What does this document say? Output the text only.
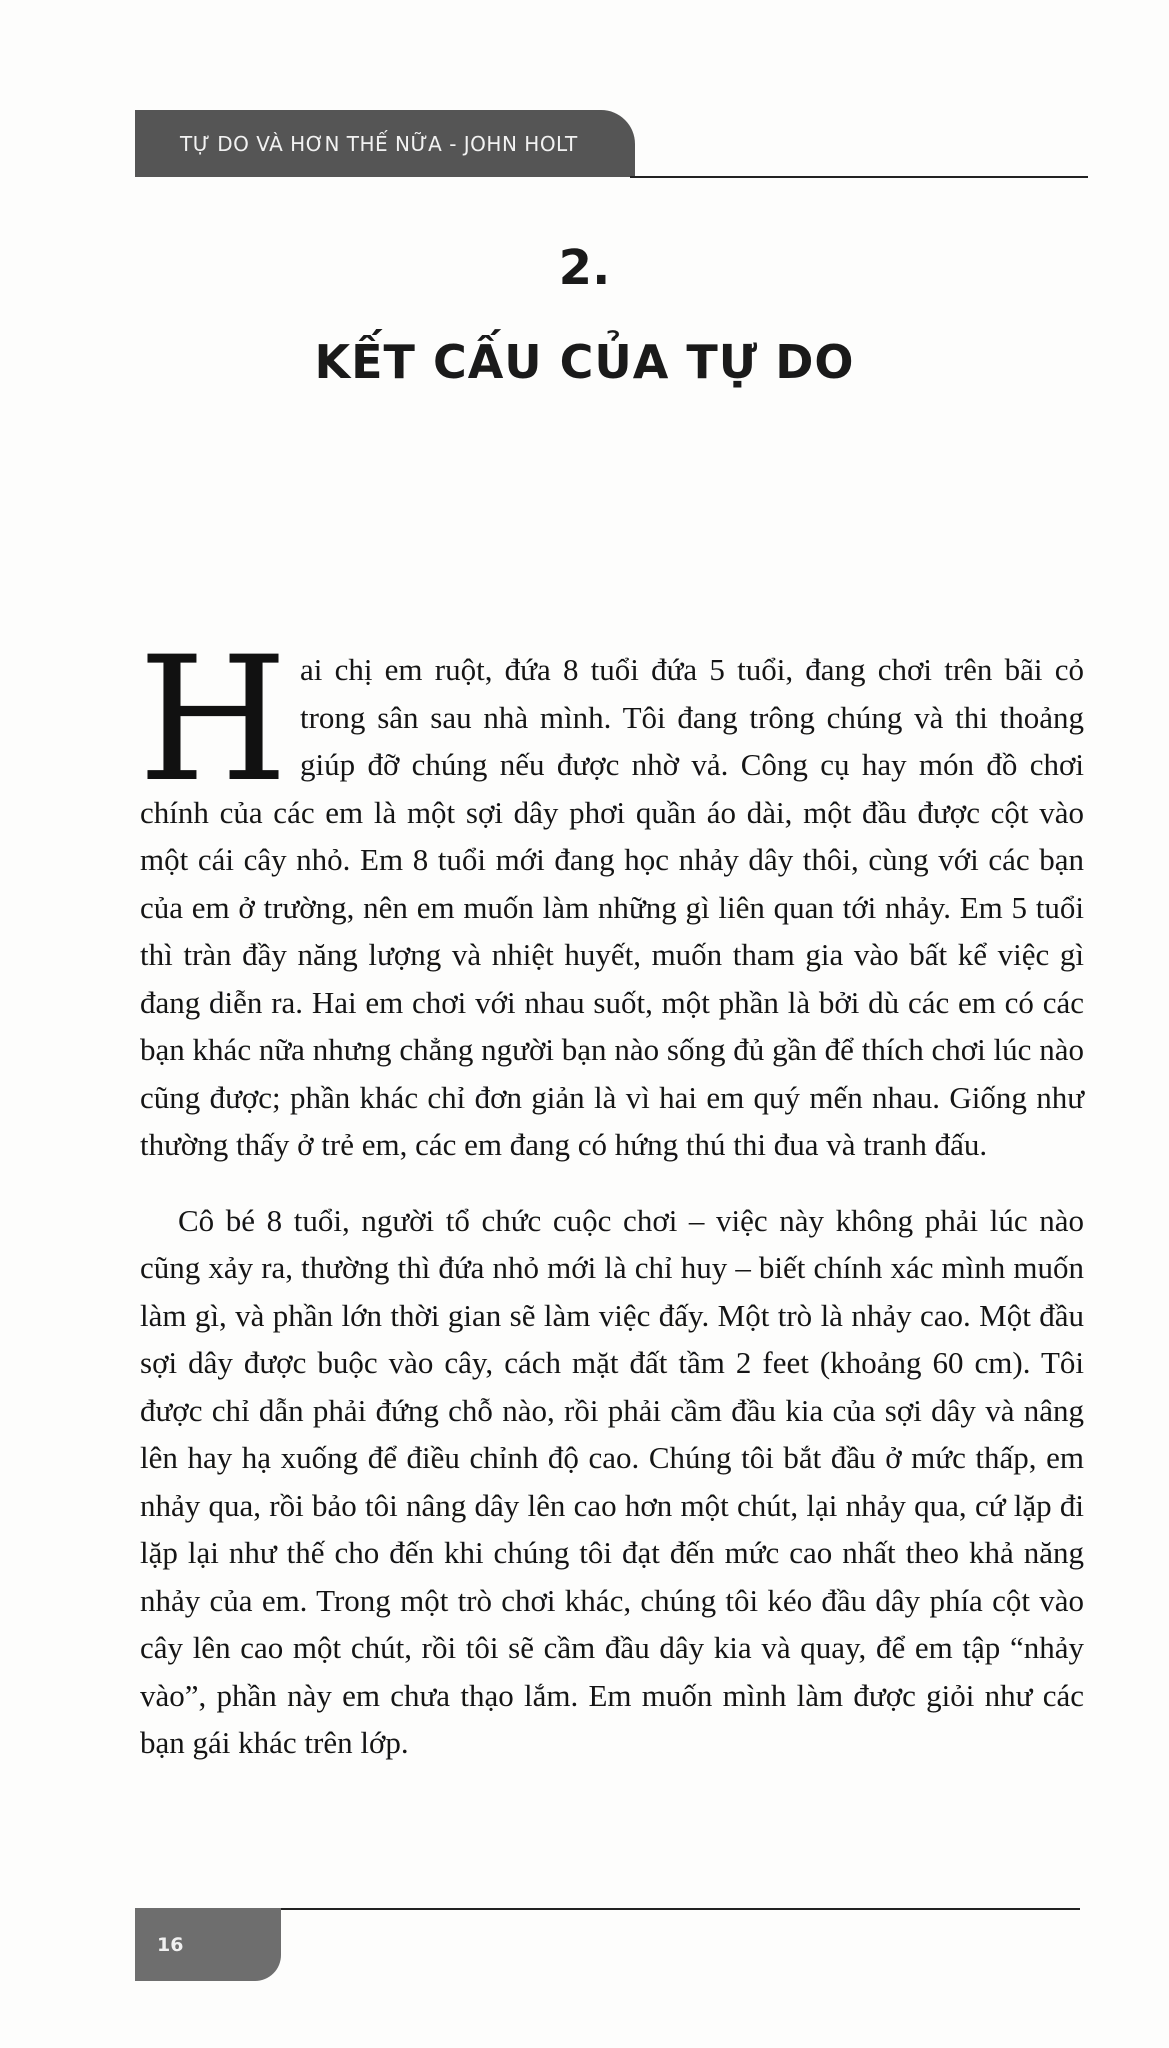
TỰ DO VÀ HƠN THẾ NỮA - JOHN HOLT
2.
KẾT CẤU CỦA TỰ DO

Hai chị em ruột, đứa 8 tuổi đứa 5 tuổi, đang chơi trên bãi cỏ trong sân sau nhà mình. Tôi đang trông chúng và thi thoảng giúp đỡ chúng nếu được nhờ vả. Công cụ hay món đồ chơi chính của các em là một sợi dây phơi quần áo dài, một đầu được cột vào một cái cây nhỏ. Em 8 tuổi mới đang học nhảy dây thôi, cùng với các bạn của em ở trường, nên em muốn làm những gì liên quan tới nhảy. Em 5 tuổi thì tràn đầy năng lượng và nhiệt huyết, muốn tham gia vào bất kể việc gì đang diễn ra. Hai em chơi với nhau suốt, một phần là bởi dù các em có các bạn khác nữa nhưng chẳng người bạn nào sống đủ gần để thích chơi lúc nào cũng được; phần khác chỉ đơn giản là vì hai em quý mến nhau. Giống như thường thấy ở trẻ em, các em đang có hứng thú thi đua và tranh đấu.

Cô bé 8 tuổi, người tổ chức cuộc chơi – việc này không phải lúc nào cũng xảy ra, thường thì đứa nhỏ mới là chỉ huy – biết chính xác mình muốn làm gì, và phần lớn thời gian sẽ làm việc đấy. Một trò là nhảy cao. Một đầu sợi dây được buộc vào cây, cách mặt đất tầm 2 feet (khoảng 60 cm). Tôi được chỉ dẫn phải đứng chỗ nào, rồi phải cầm đầu kia của sợi dây và nâng lên hay hạ xuống để điều chỉnh độ cao. Chúng tôi bắt đầu ở mức thấp, em nhảy qua, rồi bảo tôi nâng dây lên cao hơn một chút, lại nhảy qua, cứ lặp đi lặp lại như thế cho đến khi chúng tôi đạt đến mức cao nhất theo khả năng nhảy của em. Trong một trò chơi khác, chúng tôi kéo đầu dây phía cột vào cây lên cao một chút, rồi tôi sẽ cầm đầu dây kia và quay, để em tập “nhảy vào”, phần này em chưa thạo lắm. Em muốn mình làm được giỏi như các bạn gái khác trên lớp.

16
